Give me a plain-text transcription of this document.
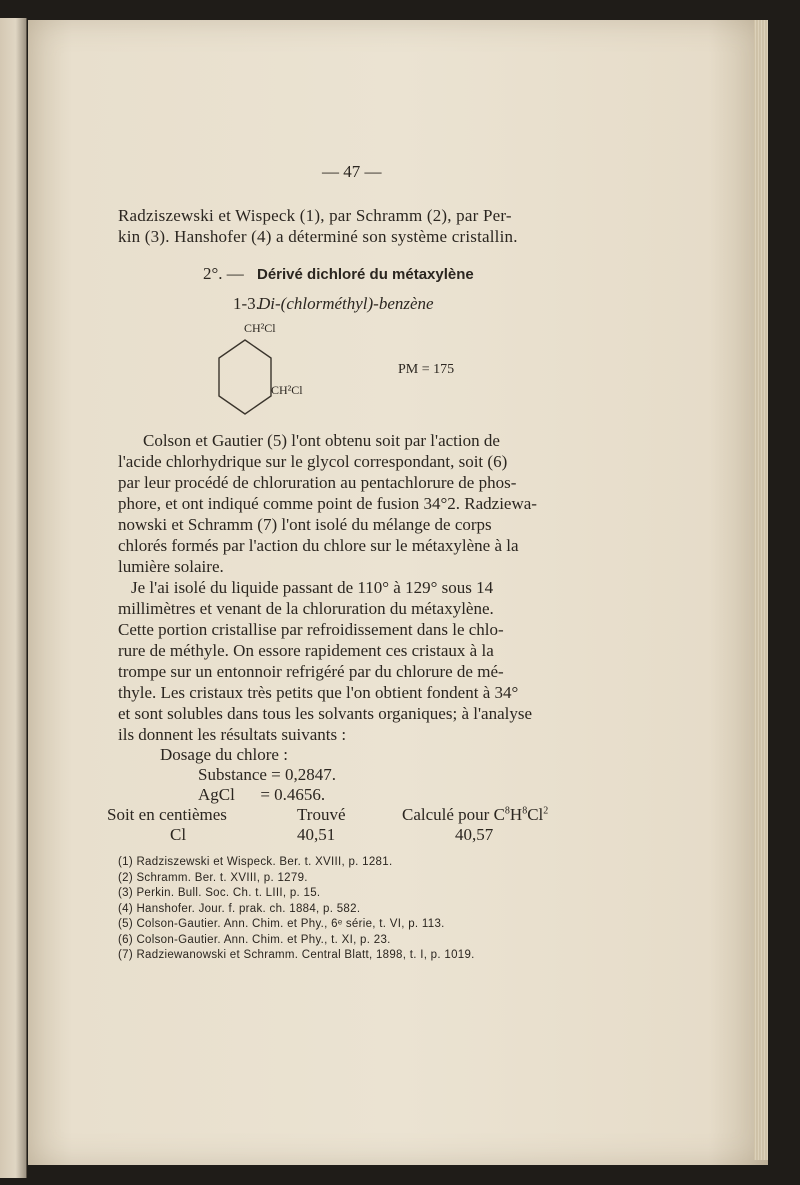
— 47 —
Radziszewski et Wispeck (1), par Schramm (2), par Per-
kin (3). Hanshofer (4) a déterminé son système cristallin.
2°. — Dérivé dichloré du métaxylène
1-3.
Di-(chlorméthyl)-benzène
CH²Cl
CH²Cl
PM = 175
Colson et Gautier (5) l'ont obtenu soit par l'action de
l'acide chlorhydrique sur le glycol correspondant, soit (6)
par leur procédé de chloruration au pentachlorure de phos-
phore, et ont indiqué comme point de fusion 34°2. Radziewa-
nowski et Schramm (7) l'ont isolé du mélange de corps
chlorés formés par l'action du chlore sur le métaxylène à la
lumière solaire.
Je l'ai isolé du liquide passant de 110° à 129° sous 14
millimètres et venant de la chloruration du métaxylène.
Cette portion cristallise par refroidissement dans le chlo-
rure de méthyle. On essore rapidement ces cristaux à la
trompe sur un entonnoir refrigéré par du chlorure de mé-
thyle. Les cristaux très petits que l'on obtient fondent à 34°
et sont solubles dans tous les solvants organiques; à l'analyse
ils donnent les résultats suivants :
Dosage du chlore :
Substance = 0,2847.
AgCl      = 0.4656.
Soit en centièmes	Trouvé	Calculé pour $C^8H^8Cl^2$
Cl	40,51	40,57
(1) Radziszewski et Wispeck. Ber. t. XVIII, p. 1281.
(2) Schramm. Ber. t. XVIII, p. 1279.
(3) Perkin. Bull. Soc. Ch. t. LIII, p. 15.
(4) Hanshofer. Jour. f. prak. ch. 1884, p. 582.
(5) Colson-Gautier. Ann. Chim. et Phy., 6ᵉ série, t. VI, p. 113.
(6) Colson-Gautier. Ann. Chim. et Phy., t. XI, p. 23.
(7) Radziewanowski et Schramm. Central Blatt, 1898, t. I, p. 1019.
